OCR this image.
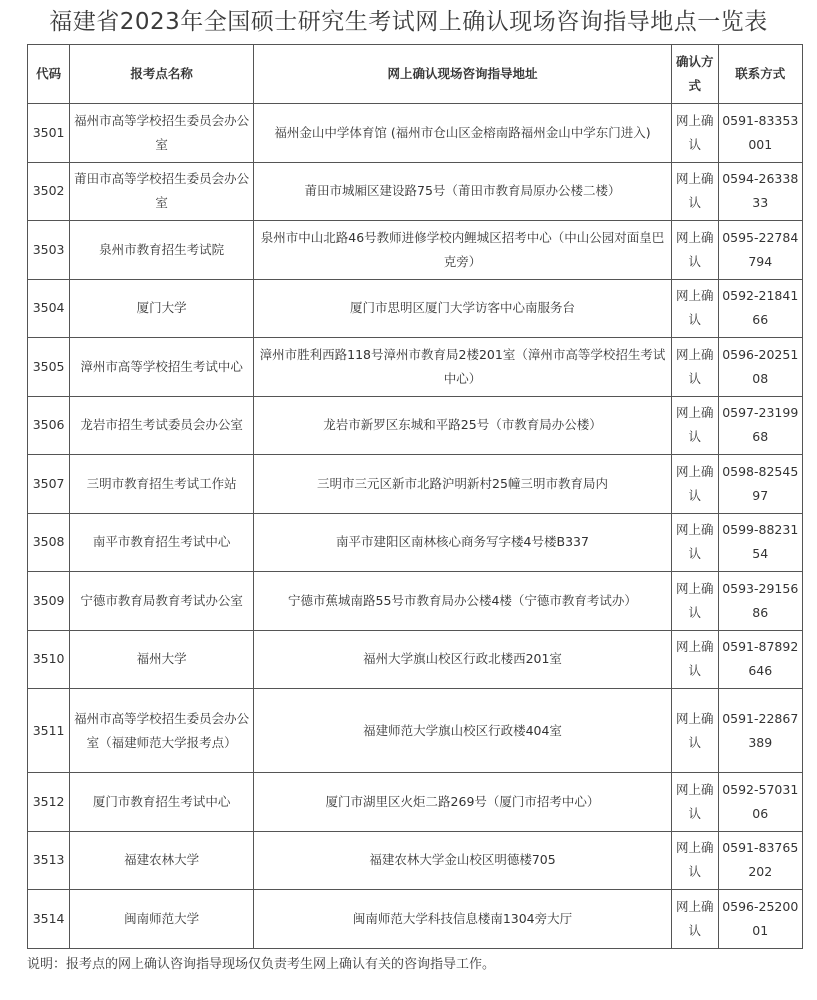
福建省2023年全国硕士研究生考试网上确认现场咨询指导地点一览表
代码	报考点名称	网上确认现场咨询指导地址	确认方式	联系方式
3501	福州市高等学校招生委员会办公室	福州金山中学体育馆 (福州市仓山区金榕南路福州金山中学东门进入)	网上确认	0591-83353001
3502	莆田市高等学校招生委员会办公室	莆田市城厢区建设路75号（莆田市教育局原办公楼二楼）	网上确认	0594-2633833
3503	泉州市教育招生考试院	泉州市中山北路46号教师进修学校内鲤城区招考中心（中山公园对面皇巴克旁）	网上确认	0595-22784794
3504	厦门大学	厦门市思明区厦门大学访客中心南服务台	网上确认	0592-2184166
3505	漳州市高等学校招生考试中心	漳州市胜利西路118号漳州市教育局2楼201室（漳州市高等学校招生考试中心）	网上确认	0596-2025108
3506	龙岩市招生考试委员会办公室	龙岩市新罗区东城和平路25号（市教育局办公楼）	网上确认	0597-2319968
3507	三明市教育招生考试工作站	三明市三元区新市北路沪明新村25幢三明市教育局内	网上确认	0598-8254597
3508	南平市教育招生考试中心	南平市建阳区南林核心商务写字楼4号楼B337	网上确认	0599-8823154
3509	宁德市教育局教育考试办公室	宁德市蕉城南路55号市教育局办公楼4楼（宁德市教育考试办）	网上确认	0593-2915686
3510	福州大学	福州大学旗山校区行政北楼西201室	网上确认	0591-87892646
3511	福州市高等学校招生委员会办公室（福建师范大学报考点）	福建师范大学旗山校区行政楼404室	网上确认	0591-22867389
3512	厦门市教育招生考试中心	厦门市湖里区火炬二路269号（厦门市招考中心）	网上确认	0592-5703106
3513	福建农林大学	福建农林大学金山校区明德楼705	网上确认	0591-83765202
3514	闽南师范大学	闽南师范大学科技信息楼南1304旁大厅	网上确认	0596-2520001
说明：报考点的网上确认咨询指导现场仅负责考生网上确认有关的咨询指导工作。
